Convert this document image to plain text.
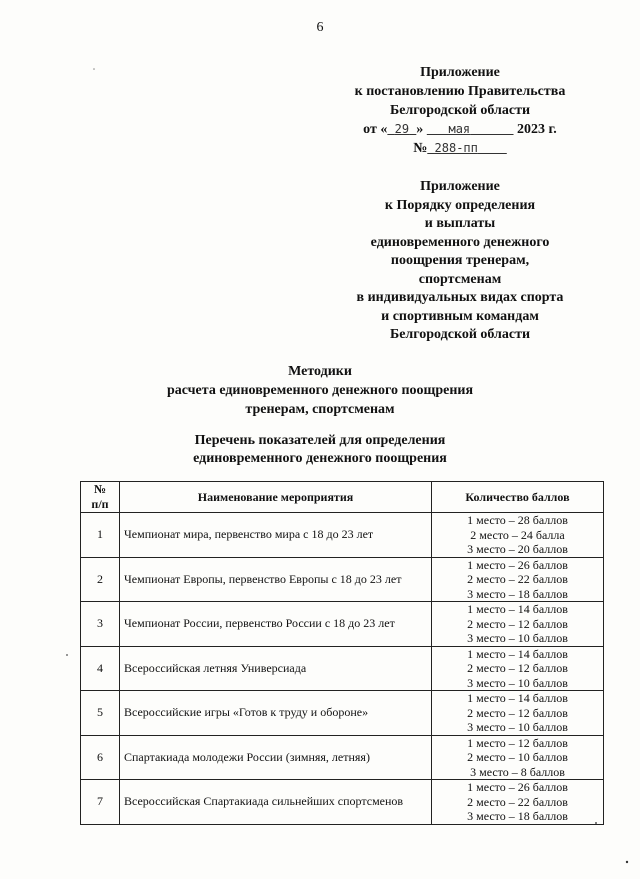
6
Приложение
к постановлению Правительства
Белгородской области
от « 29 » мая	2023 г.
№ 288-пп
Приложение
к Порядку определения
и выплаты
единовременного денежного
поощрения тренерам,
спортсменам
в индивидуальных видах спорта
и спортивным командам
Белгородской области
Методики
расчета единовременного денежного поощрения
тренерам, спортсменам
Перечень показателей для определения
единовременного денежного поощрения
№
п/п	Наименование мероприятия	Количество баллов
1	Чемпионат мира, первенство мира с 18 до 23 лет	1 место – 28 баллов
2 место – 24 балла
3 место – 20 баллов

2	Чемпионат Европы, первенство Европы с 18 до 23 лет	1 место – 26 баллов
2 место – 22 баллов
3 место – 18 баллов

3	Чемпионат России, первенство России с 18 до 23 лет	1 место – 14 баллов
2 место – 12 баллов
3 место – 10 баллов

4	Всероссийская летняя Универсиада	1 место – 14 баллов
2 место – 12 баллов
3 место – 10 баллов

5	Всероссийские игры «Готов к труду и обороне»	1 место – 14 баллов
2 место – 12 баллов
3 место – 10 баллов

6	Спартакиада молодежи России (зимняя, летняя)	1 место – 12 баллов
2 место – 10 баллов
3 место – 8 баллов

7	Всероссийская Спартакиада сильнейших спортсменов	1 место – 26 баллов
2 место – 22 баллов
3 место – 18 баллов
